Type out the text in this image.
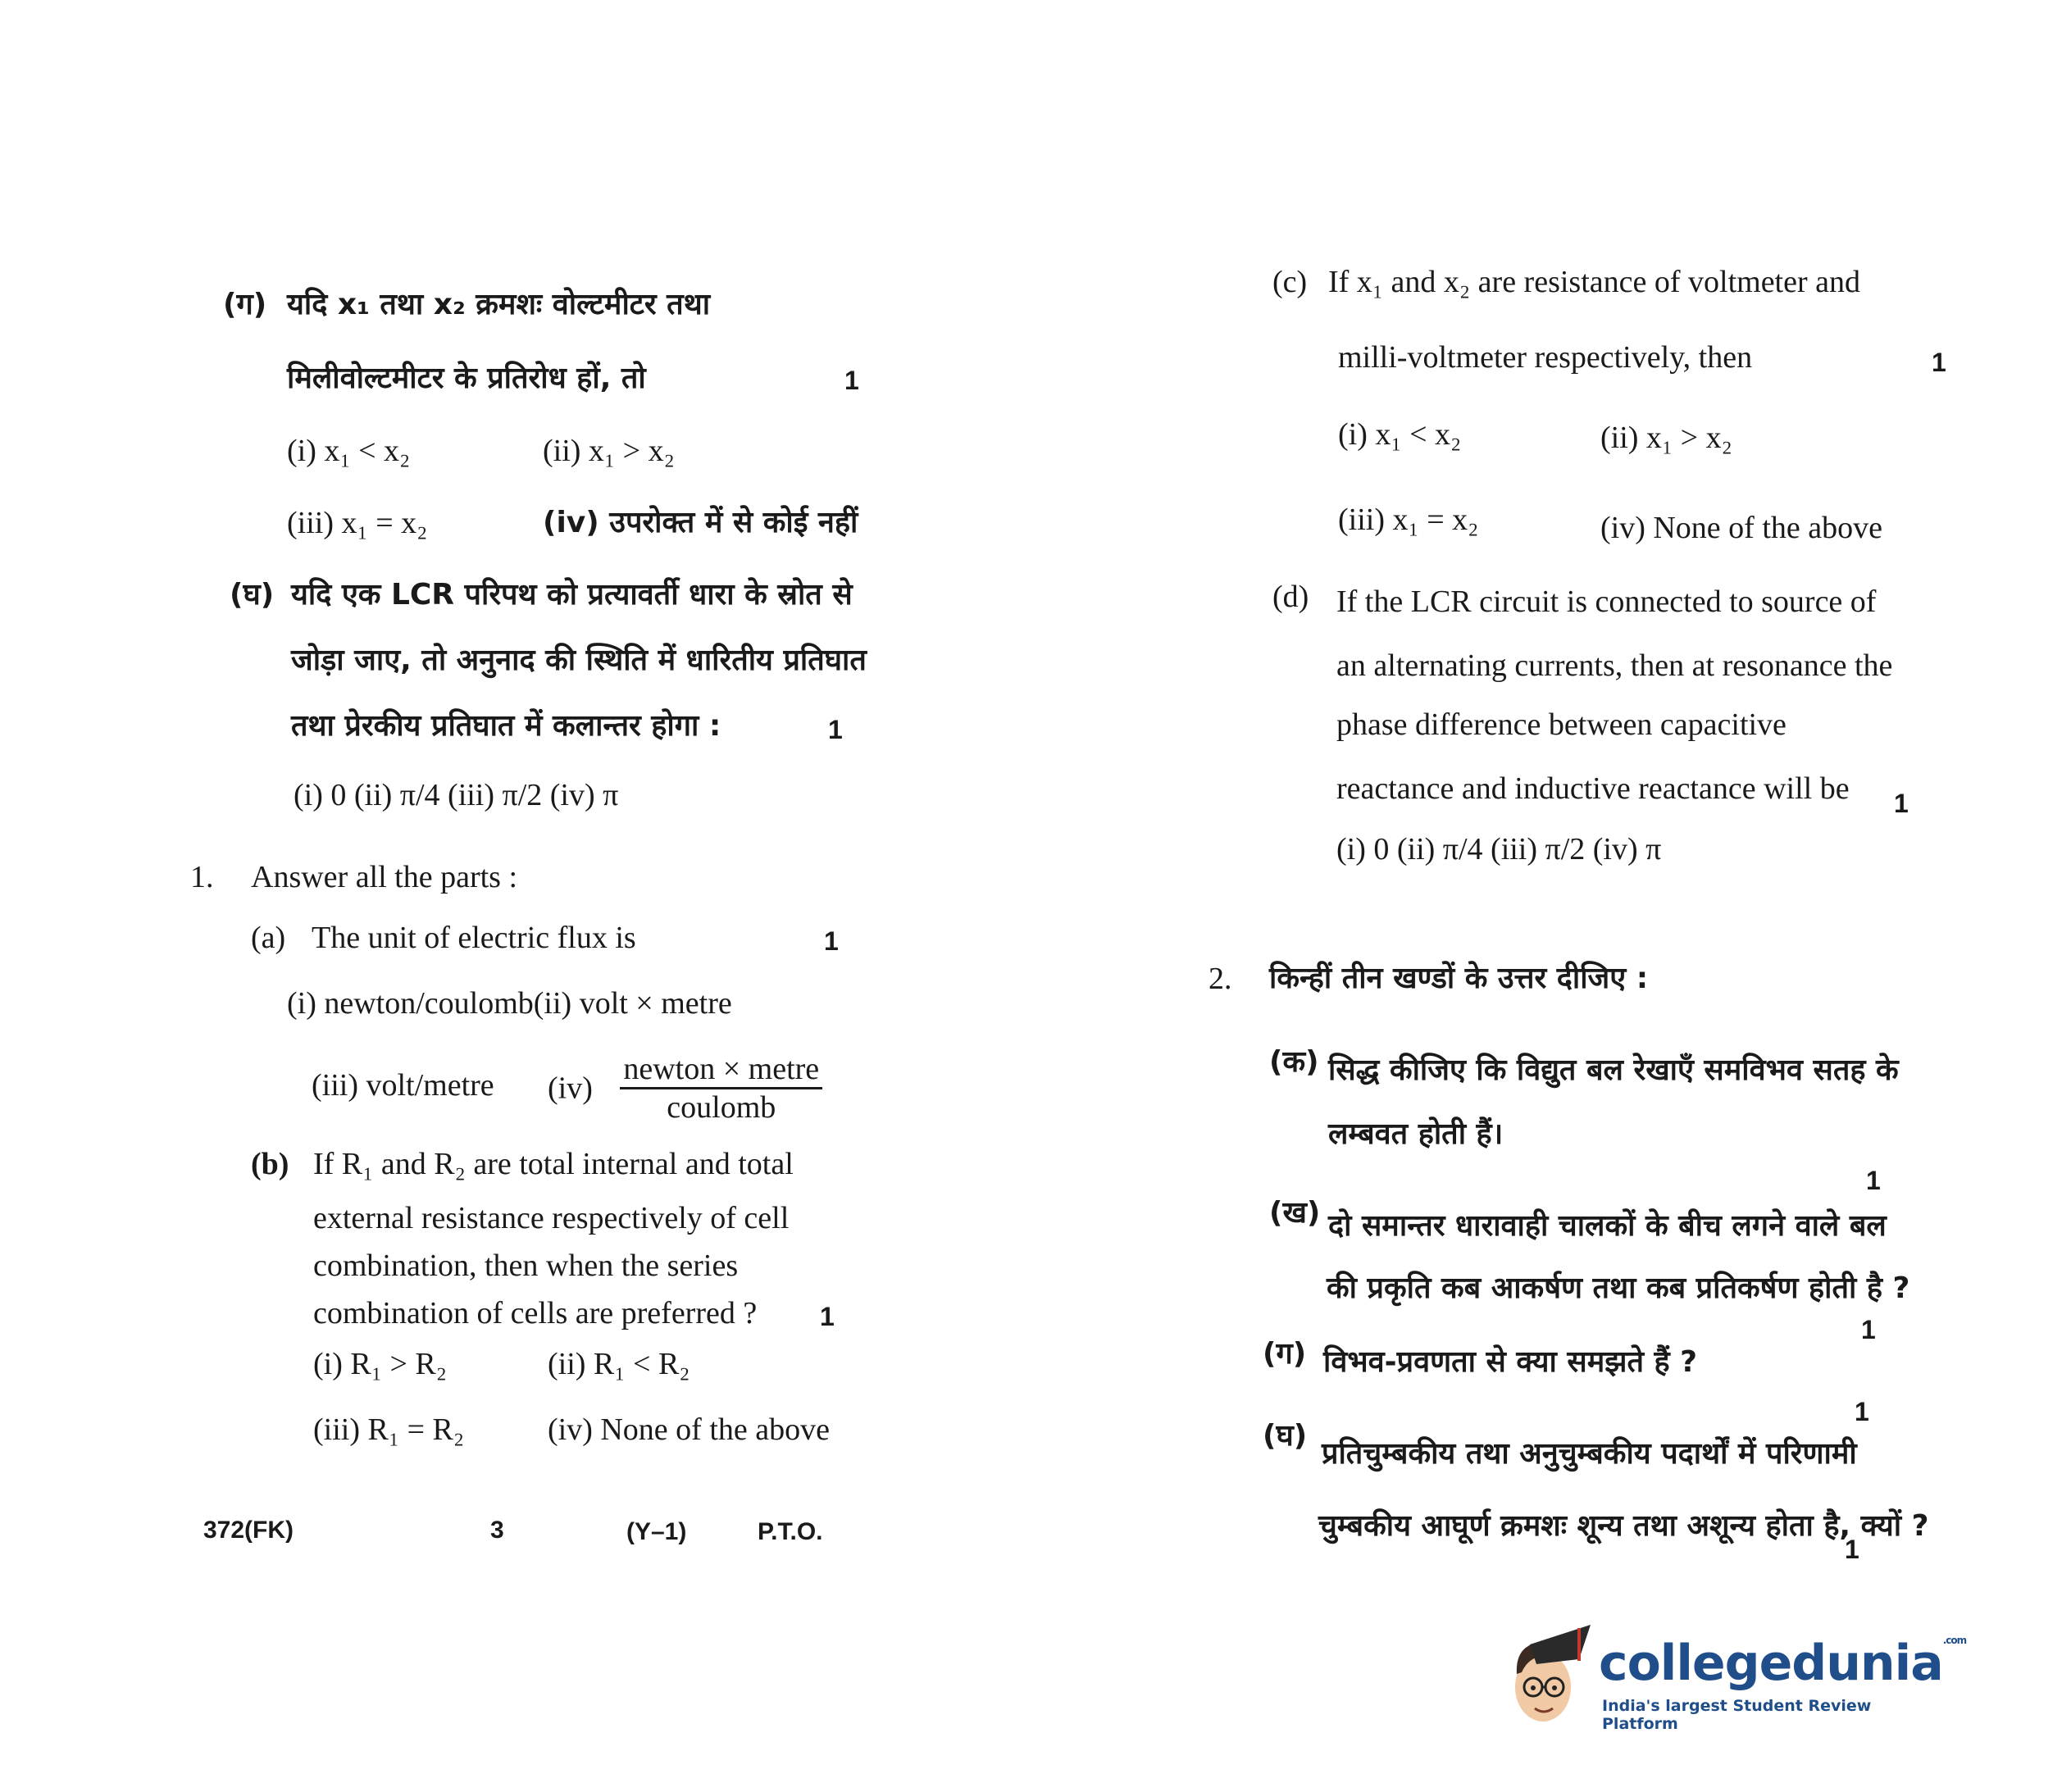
(ग) यदि x₁ तथा x₂ क्रमशः वोल्टमीटर तथा
मिलीवोल्टमीटर के प्रतिरोध हों, तो	1
(i) x₁ < x₂	(ii) x₁ > x₂
(iii) x₁ = x₂	(iv) उपरोक्त में से कोई नहीं
(घ) यदि एक LCR परिपथ को प्रत्यावर्ती धारा के स्रोत से
जोड़ा जाए, तो अनुनाद की स्थिति में धारितीय प्रतिघात
तथा प्रेरकीय प्रतिघात में कलान्तर होगा :	1
(i) 0 (ii) π/4 (iii) π/2 (iv) π
1. Answer all the parts :
(a) The unit of electric flux is	1
(i) newton/coulomb(ii) volt × metre
(iii) volt/metre $(iv) \frac{\text{newton × metre}}{\text{coulomb}}$
(b) If R₁ and R₂ are total internal and total
external resistance respectively of cell
combination, then when the series
combination of cells are preferred ? 1
(i) R₁ > R₂	(ii) R₁ < R₂
(iii) R₁ = R₂	(iv) None of the above
372(FK)	3	(Y–1)	P.T.O.
(c) If x₁ and x₂ are resistance of voltmeter and
milli-voltmeter respectively, then	1
(i) x₁ < x₂	(ii) x₁ > x₂
(iii) x₁ = x₂	(iv) None of the above
(d) If the LCR circuit is connected to source of
an alternating currents, then at resonance the
phase difference between capacitive
reactance and inductive reactance will be 1
(i) 0 (ii) π/4 (iii) π/2 (iv) π
2. किन्हीं तीन खण्डों के उत्तर दीजिए :
(क) सिद्ध कीजिए कि विद्युत बल रेखाएँ समविभव सतह के
लम्बवत होती हैं।
1
(ख) दो समान्तर धारावाही चालकों के बीच लगने वाले बल
की प्रकृति कब आकर्षण तथा कब प्रतिकर्षण होती है ?
1
(ग) विभव-प्रवणता से क्या समझते हैं ?
1
(घ)
प्रतिचुम्बकीय तथा अनुचुम्बकीय पदार्थों में परिणामी
चुम्बकीय आघूर्ण क्रमशः शून्य तथा अशून्य होता है, क्यों ?
1
collegedunia$^{.com}$
India's largest Student Review Platform
